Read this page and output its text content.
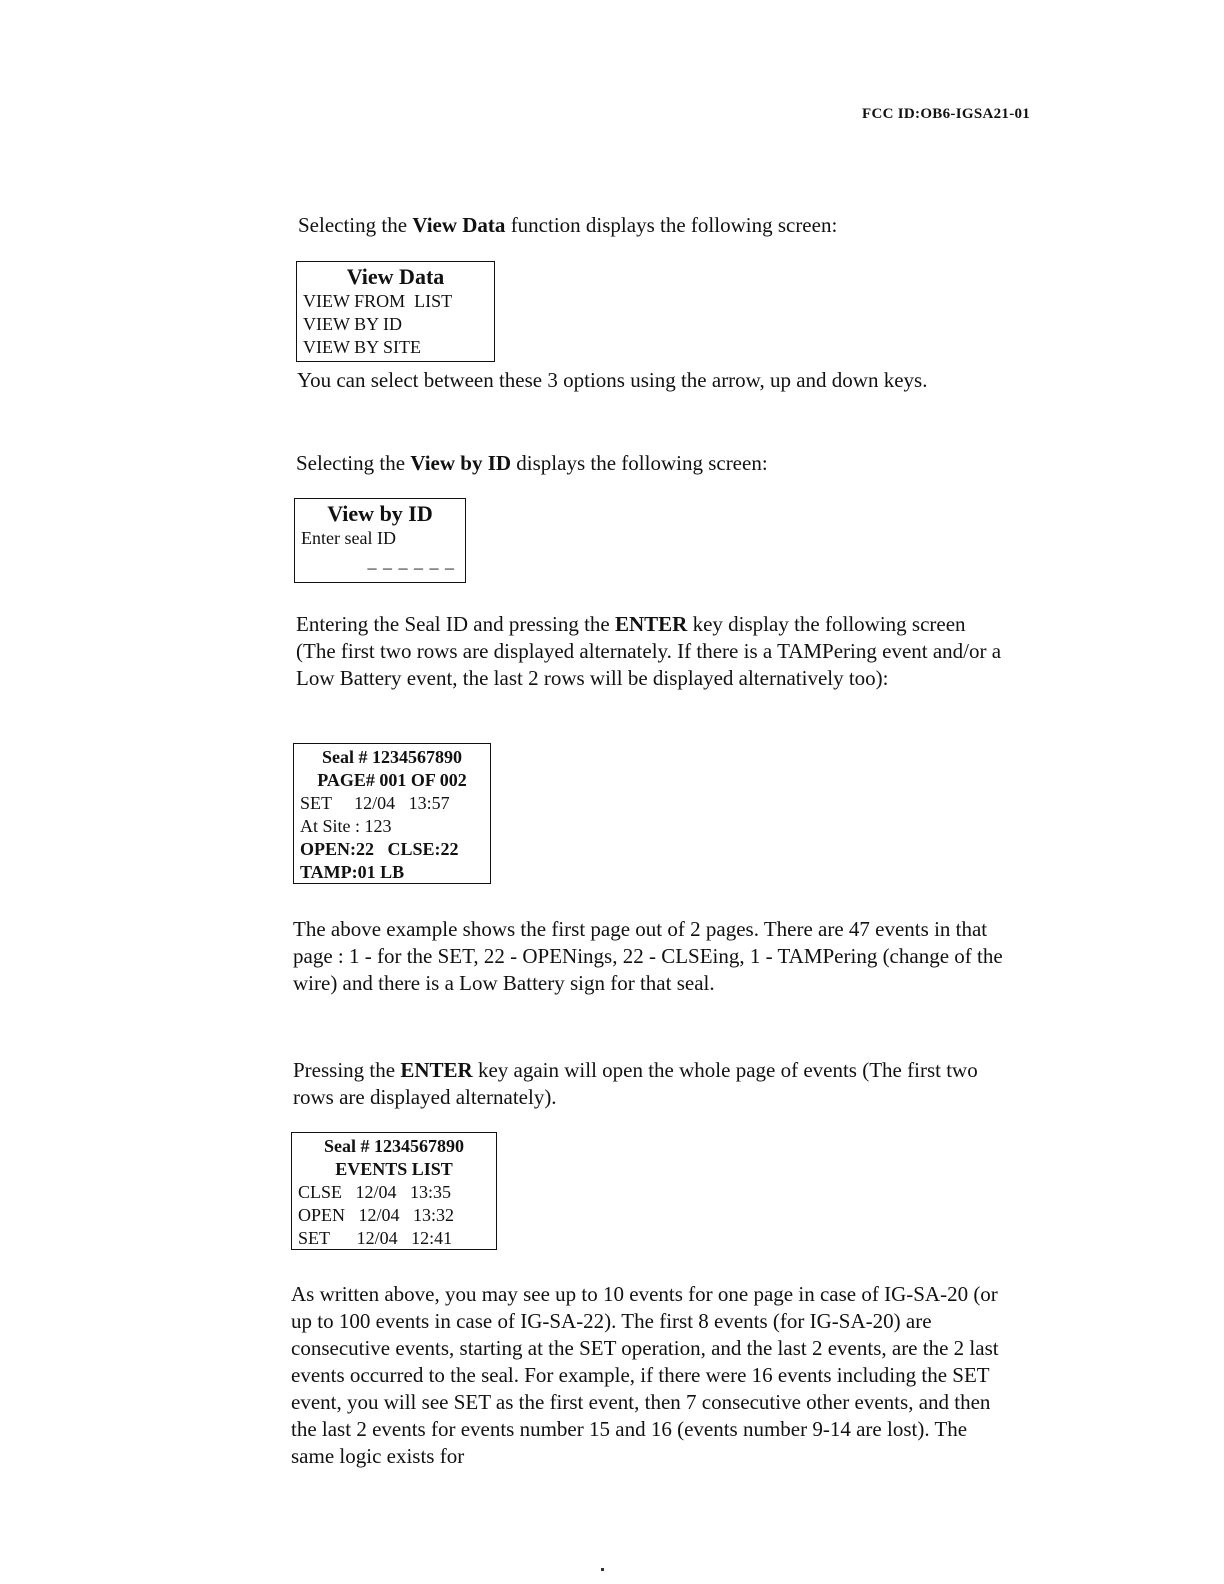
FCC ID:OB6-IGSA21-01

Selecting the View Data function displays the following screen:

View Data
VIEW FROM  LIST
VIEW BY ID
VIEW BY SITE

You can select between these 3 options using the arrow, up and down keys.

Selecting the View by ID displays the following screen:

View by ID
Enter seal ID
_ _ _ _ _ _

Entering the Seal ID and pressing the ENTER key display the following screen (The first two rows are displayed alternately. If there is a TAMPering event and/or a Low Battery event, the last 2 rows will be displayed alternatively too):

Seal # 1234567890
PAGE# 001 OF 002
SET     12/04   13:57
At Site : 123
OPEN:22   CLSE:22
TAMP:01 LB

The above example shows the first page out of 2 pages. There are 47 events in that page : 1 - for the SET, 22 - OPENings, 22 - CLSEing, 1 - TAMPering (change of the wire) and there is a Low Battery sign for that seal.

Pressing the ENTER key again will open the whole page of events (The first two rows are displayed alternately).

Seal # 1234567890
EVENTS LIST
CLSE   12/04   13:35
OPEN   12/04   13:32
SET      12/04   12:41

As written above, you may see up to 10 events for one page in case of IG-SA-20 (or up to 100 events in case of IG-SA-22). The first 8 events (for IG-SA-20) are consecutive events, starting at the SET operation, and the last 2 events, are the 2 last events occurred to the seal. For example, if there were 16 events including the SET event, you will see SET as the first event, then 7 consecutive other events, and then the last 2 events for events number 15 and 16 (events number 9-14 are lost). The same logic exists for
